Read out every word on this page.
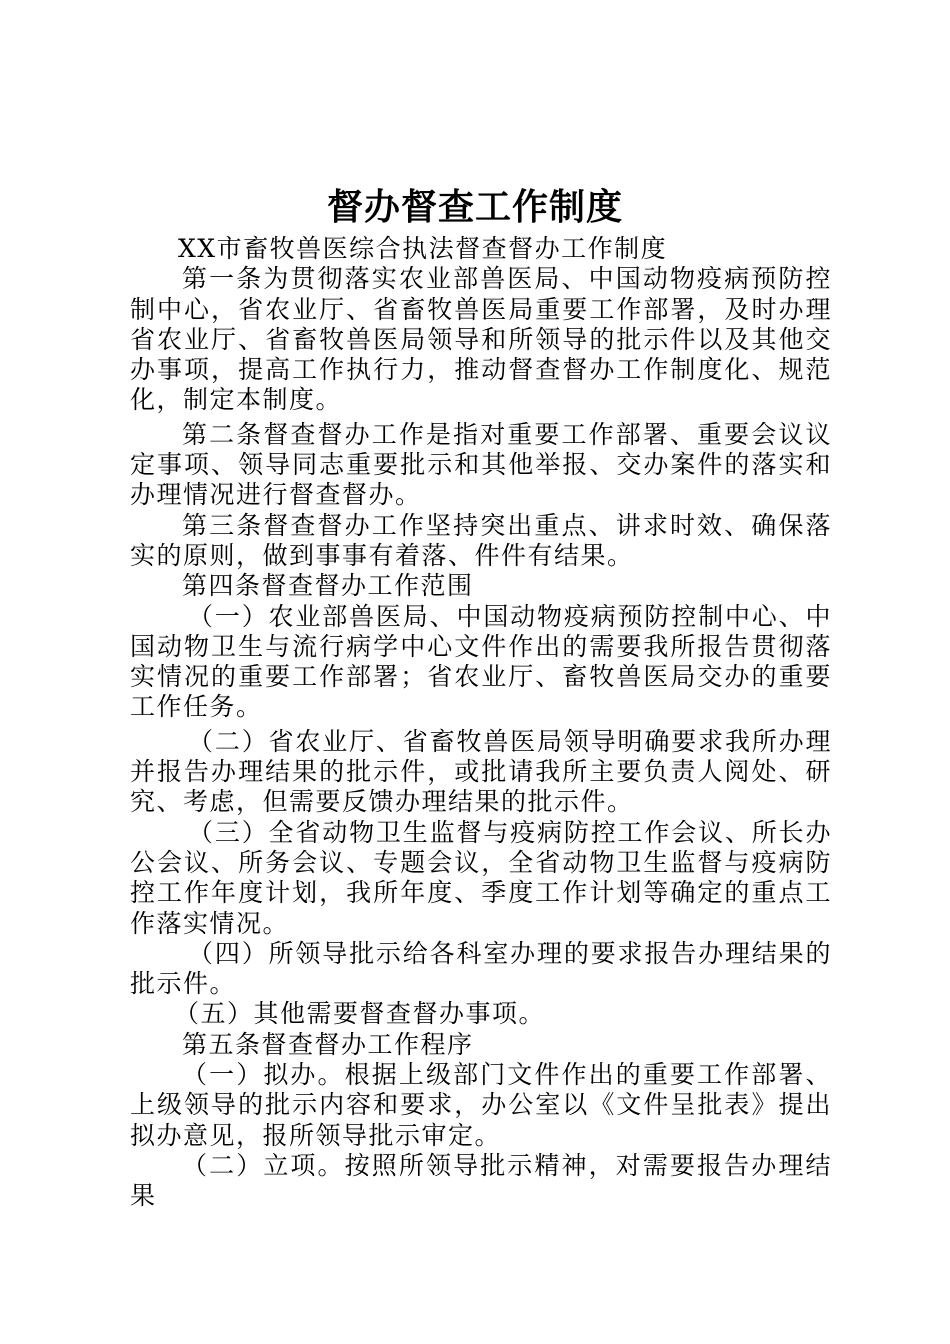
督办督查工作制度

XX市畜牧兽医综合执法督查督办工作制度

第一条为贯彻落实农业部兽医局、中国动物疫病预防控制中心，省农业厅、省畜牧兽医局重要工作部署，及时办理省农业厅、省畜牧兽医局领导和所领导的批示件以及其他交办事项，提高工作执行力，推动督查督办工作制度化、规范化，制定本制度。

第二条督查督办工作是指对重要工作部署、重要会议议定事项、领导同志重要批示和其他举报、交办案件的落实和办理情况进行督查督办。

第三条督查督办工作坚持突出重点、讲求时效、确保落实的原则，做到事事有着落、件件有结果。

第四条督查督办工作范围

（一）农业部兽医局、中国动物疫病预防控制中心、中国动物卫生与流行病学中心文件作出的需要我所报告贯彻落实情况的重要工作部署；省农业厅、畜牧兽医局交办的重要工作任务。

（二）省农业厅、省畜牧兽医局领导明确要求我所办理并报告办理结果的批示件，或批请我所主要负责人阅处、研究、考虑，但需要反馈办理结果的批示件。

（三）全省动物卫生监督与疫病防控工作会议、所长办公会议、所务会议、专题会议，全省动物卫生监督与疫病防控工作年度计划，我所年度、季度工作计划等确定的重点工作落实情况。

（四）所领导批示给各科室办理的要求报告办理结果的批示件。

（五）其他需要督查督办事项。

第五条督查督办工作程序

（一）拟办。根据上级部门文件作出的重要工作部署、上级领导的批示内容和要求，办公室以《文件呈批表》提出拟办意见，报所领导批示审定。

（二）立项。按照所领导批示精神，对需要报告办理结果
